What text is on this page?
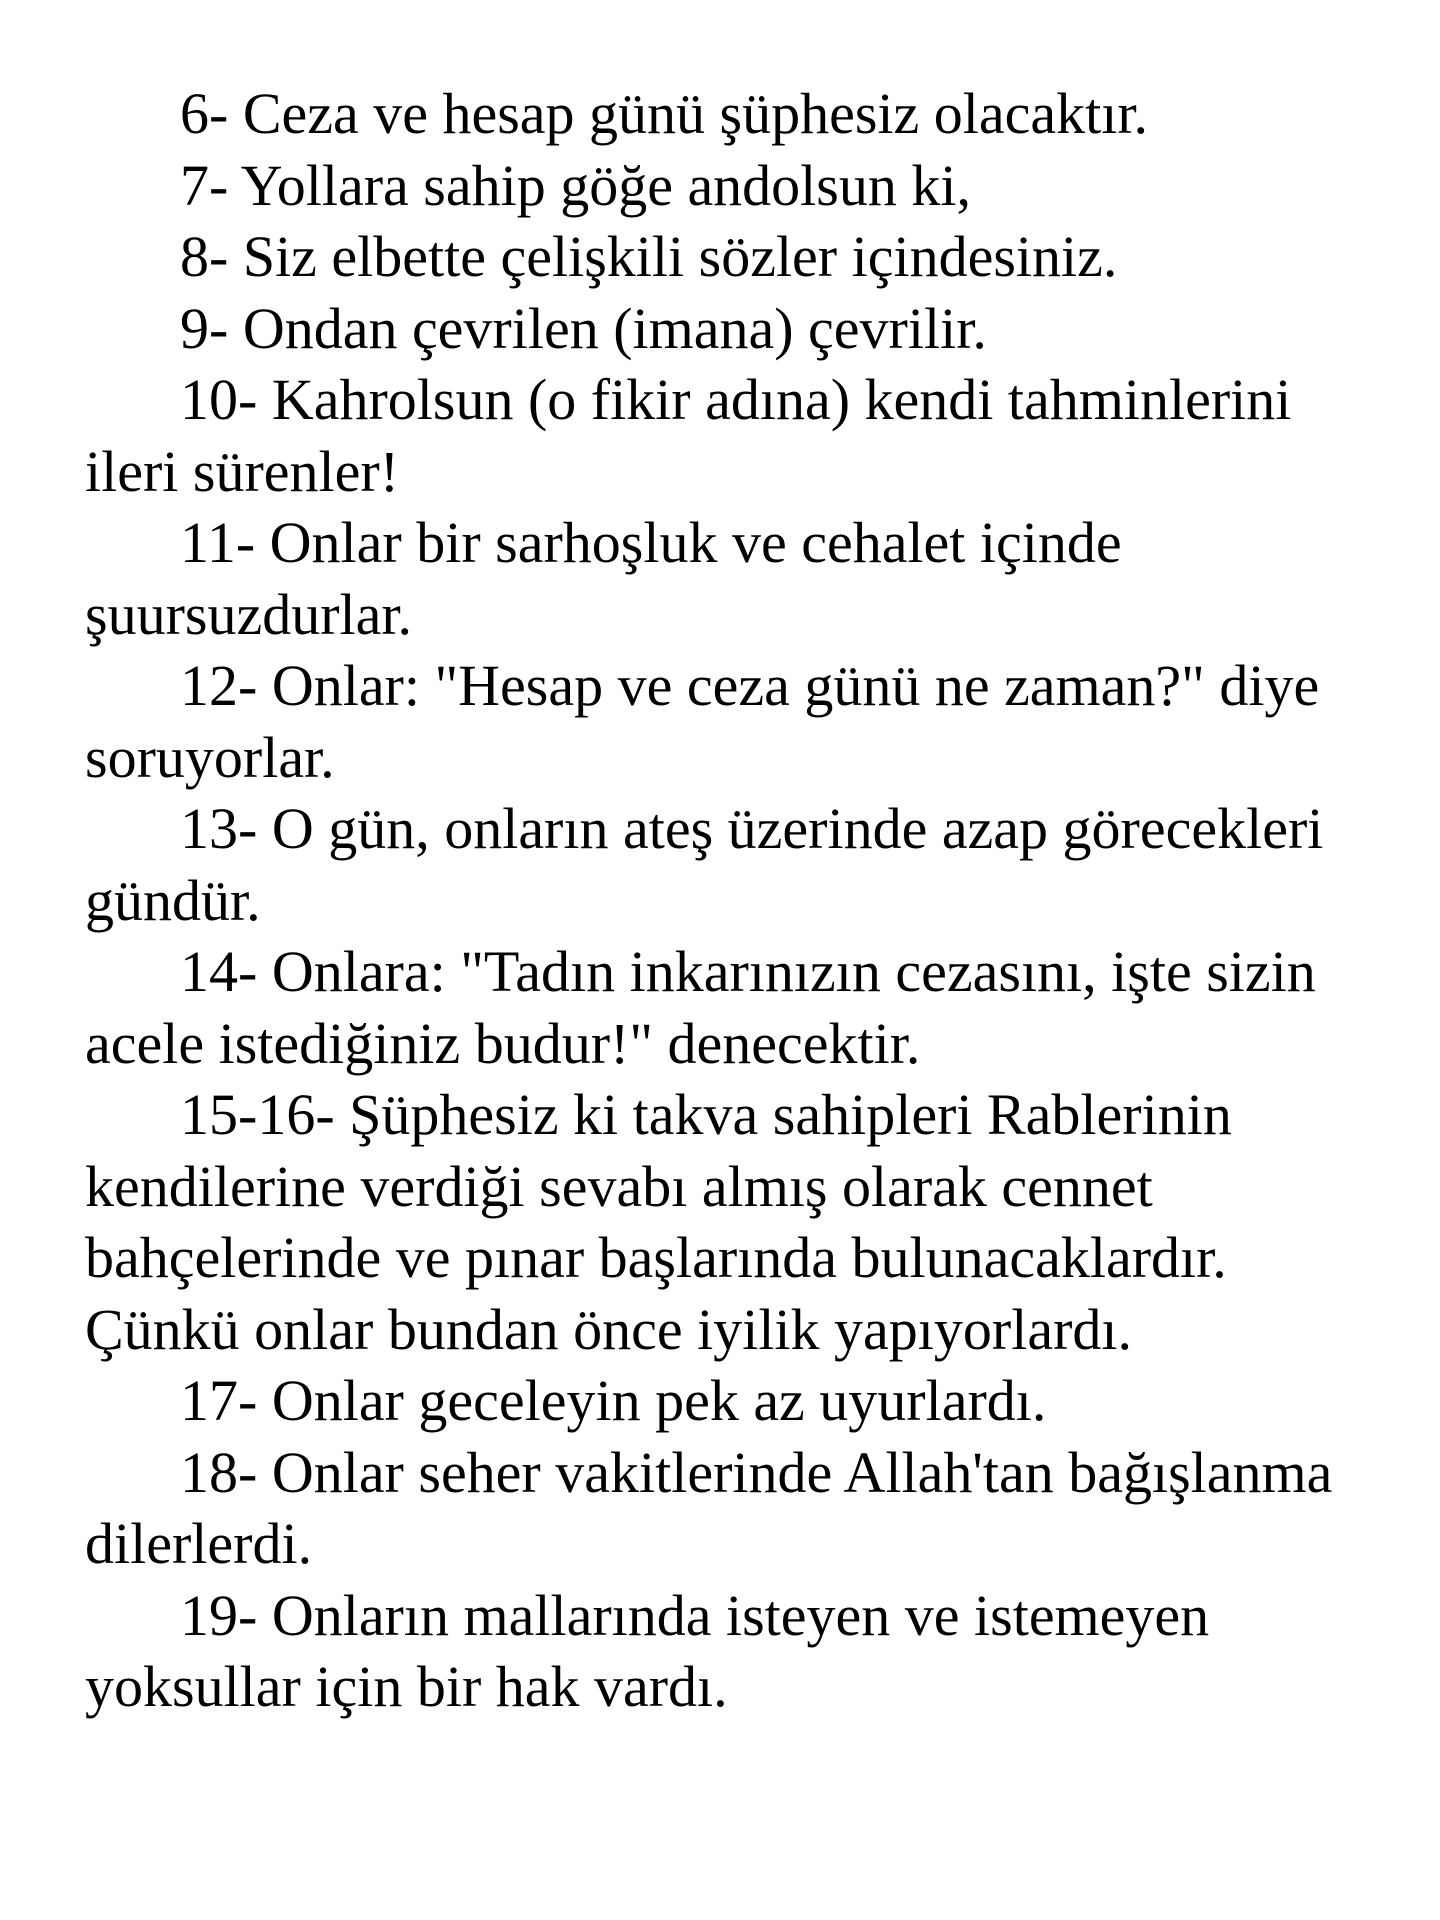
6- Ceza ve hesap günü şüphesiz olacaktır.

7- Yollara sahip göğe andolsun ki,

8- Siz elbette çelişkili sözler içindesiniz.

9- Ondan çevrilen (imana) çevrilir.

10- Kahrolsun (o fikir adına) kendi tahminlerini ileri sürenler!

11- Onlar bir sarhoşluk ve cehalet içinde şuursuzdurlar.

12- Onlar: "Hesap ve ceza günü ne zaman?" diye soruyorlar.

13- O gün, onların ateş üzerinde azap görecekleri gündür.

14- Onlara: "Tadın inkarınızın cezasını, işte sizin acele istediğiniz budur!" denecektir.

15-16- Şüphesiz ki takva sahipleri Rablerinin kendilerine verdiği sevabı almış olarak cennet bahçelerinde ve pınar başlarında bulunacaklardır. Çünkü onlar bundan önce iyilik yapıyorlardı.

17- Onlar geceleyin pek az uyurlardı.

18- Onlar seher vakitlerinde Allah'tan bağışlanma dilerlerdi.

19- Onların mallarında isteyen ve istemeyen yoksullar için bir hak vardı.
